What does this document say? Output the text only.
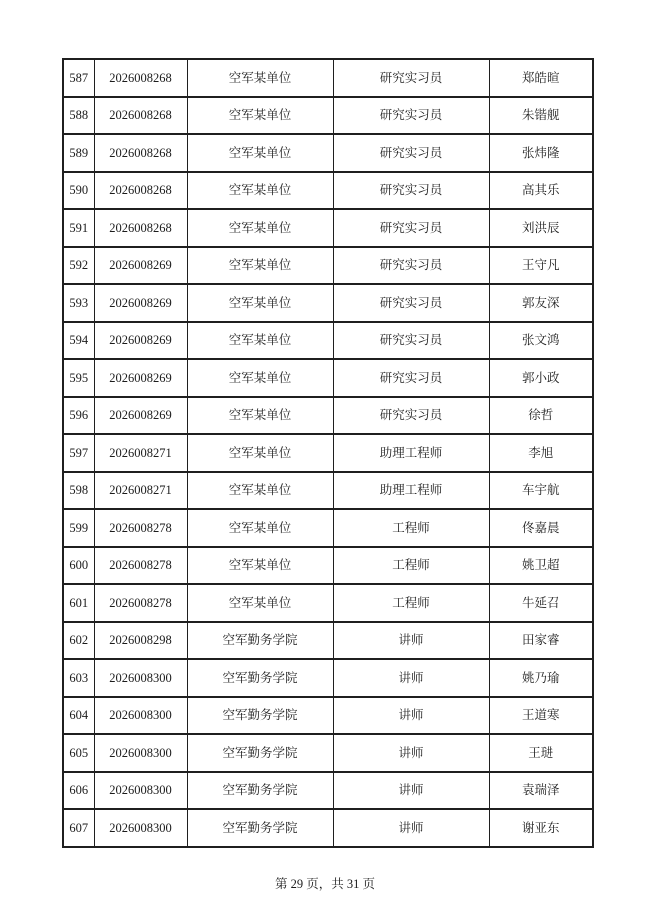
587	2026008268	空军某单位	研究实习员	郑皓暄
588	2026008268	空军某单位	研究实习员	朱锴舰
589	2026008268	空军某单位	研究实习员	张炜隆
590	2026008268	空军某单位	研究实习员	高其乐
591	2026008268	空军某单位	研究实习员	刘洪辰
592	2026008269	空军某单位	研究实习员	王守凡
593	2026008269	空军某单位	研究实习员	郭友深
594	2026008269	空军某单位	研究实习员	张文鸿
595	2026008269	空军某单位	研究实习员	郭小政
596	2026008269	空军某单位	研究实习员	徐哲
597	2026008271	空军某单位	助理工程师	李旭
598	2026008271	空军某单位	助理工程师	车宇航
599	2026008278	空军某单位	工程师	佟嘉晨
600	2026008278	空军某单位	工程师	姚卫超
601	2026008278	空军某单位	工程师	牛延召
602	2026008298	空军勤务学院	讲师	田家睿
603	2026008300	空军勤务学院	讲师	姚乃瑜
604	2026008300	空军勤务学院	讲师	王道寒
605	2026008300	空军勤务学院	讲师	王琎
606	2026008300	空军勤务学院	讲师	袁瑞泽
607	2026008300	空军勤务学院	讲师	谢亚东
第 29 页，共 31 页
